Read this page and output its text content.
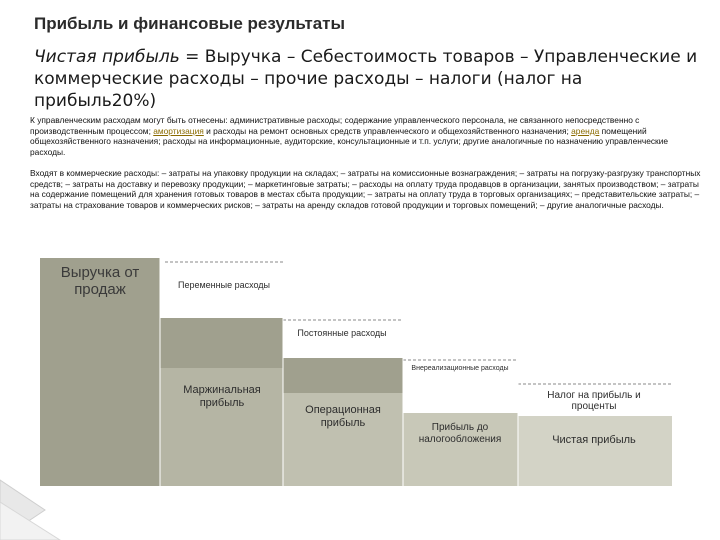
Прибыль и финансовые результаты
Чистая прибыль = Выручка – Себестоимость товаров – Управленческие и коммерческие расходы – прочие расходы – налоги (налог на прибыль20%)
К управленческим расходам могут быть отнесены: административные расходы; содержание управленческого персонала, не связанного непосредственно с производственным процессом; амортизация и расходы на ремонт основных средств управленческого и общехозяйственного назначения; аренда помещений общехозяйственного назначения; расходы на информационные, аудиторские, консультационные и т.п. услуги; другие аналогичные по назначению управленческие расходы.
Входят в коммерческие расходы: – затраты на упаковку продукции на складах; – затраты на комиссионные вознаграждения; – затраты на погрузку-разгрузку транспортных средств; – затраты на доставку и перевозку продукции; – маркетинговые затраты; – расходы на оплату труда продавцов в организации, занятых производством; – затраты на содержание помещений для хранения готовых товаров в местах сбыта продукции; – затраты на оплату труда в торговых организациях; – представительские затраты; – затраты на страхование товаров и коммерческих рисков; – затраты на аренду складов готовой продукции и торговых помещений; – другие аналогичные расходы.
Выручка от продаж	Переменные расходы
Постоянные расходы
Внереализационные расходы
Маржинальная прибыль
Операционная прибыль	Прибыль до налогообложения
Налог на прибыль и проценты
Чистая прибыль
